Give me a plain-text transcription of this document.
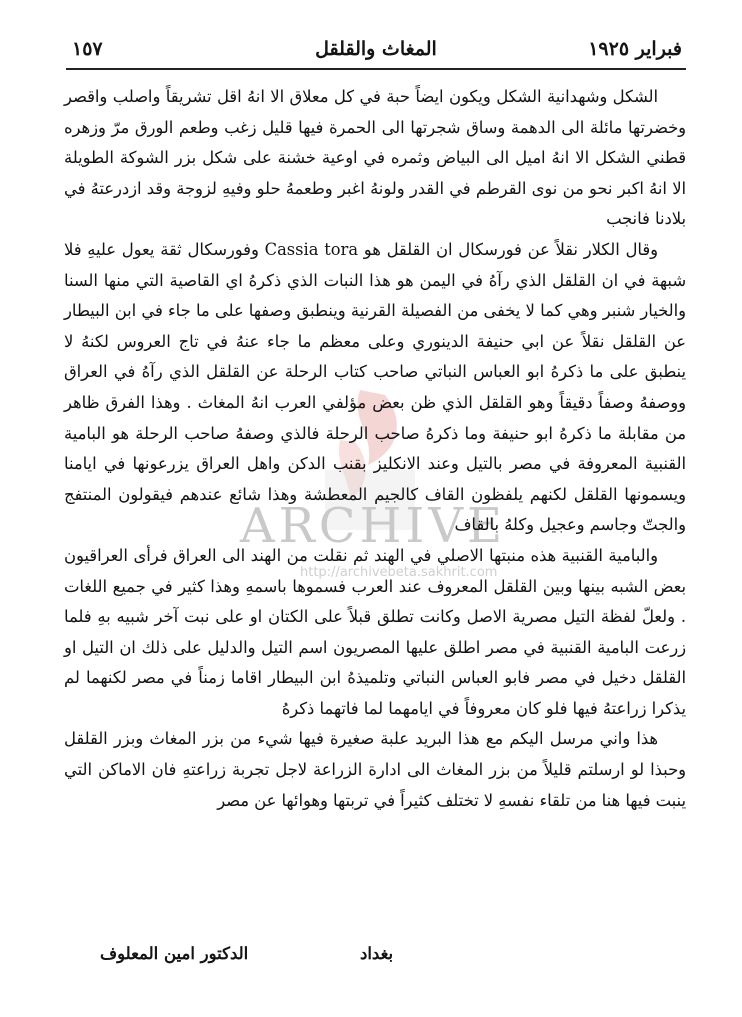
١٥٧	المغاث والقلقل	فبراير ١٩٢٥
ARCHIVE
http://archivebeta.sakhrit.com

الشكل وشهدانية الشكل ويكون ايضاً حبة في كل معلاق الا انهُ اقل تشريقاً واصلب واقصر وخضرتها مائلة الى الدهمة وساق شجرتها الى الحمرة فيها قليل زغب وطعم الورق مرّ وزهره قطني الشكل الا انهُ اميل الى البياض وثمره في اوعية خشنة على شكل بزر الشوكة الطويلة الا انهُ اكبر نحو من نوى القرطم في القدر ولونهُ اغبر وطعمهُ حلو وفيهِ لزوجة وقد ازدرعتهُ في بلادنا فانجب

وقال الكلار نقلاً عن فورسكال ان القلقل هو Cassia tora وفورسكال ثقة يعول عليهِ فلا شبهة في ان القلقل الذي رآهُ في اليمن هو هذا النبات الذي ذكرهُ اي القاصية التي منها السنا والخيار شنبر وهي كما لا يخفى من الفصيلة القرنية وينطبق وصفها على ما جاء في ابن البيطار عن القلقل نقلاً عن ابي حنيفة الدينوري وعلى معظم ما جاء عنهُ في تاج العروس لكنهُ لا ينطبق على ما ذكرهُ ابو العباس النباتي صاحب كتاب الرحلة عن القلقل الذي رآهُ في العراق ووصفهُ وصفاً دقيقاً وهو القلقل الذي ظن بعض مؤلفي العرب انهُ المغاث . وهذا الفرق ظاهر من مقابلة ما ذكرهُ ابو حنيفة وما ذكرهُ صاحب الرحلة فالذي وصفهُ صاحب الرحلة هو البامية القنبية المعروفة في مصر بالتيل وعند الانكليز بقنب الدكن واهل العراق يزرعونها في ايامنا ويسمونها القلقل لكنهم يلفظون القاف كالجيم المعطشة وهذا شائع عندهم فيقولون المنتفج والجتّ وجاسم وعجيل وكلهُ بالقاف

والبامية القنبية هذه منبتها الاصلي في الهند ثم نقلت من الهند الى العراق فرأى العراقيون بعض الشبه بينها وبين القلقل المعروف عند العرب فسموها باسمهِ وهذا كثير في جميع اللغات . ولعلّ لفظة التيل مصرية الاصل وكانت تطلق قبلاً على الكتان او على نبت آخر شبيه بهِ فلما زرعت البامية القنبية في مصر اطلق عليها المصريون اسم التيل والدليل على ذلك ان التيل او القلقل دخيل في مصر فابو العباس النباتي وتلميذهُ ابن البيطار اقاما زمناً في مصر لكنهما لم يذكرا زراعتهُ فيها فلو كان معروفاً في ايامهما لما فاتهما ذكرهُ

هذا واني مرسل اليكم مع هذا البريد علبة صغيرة فيها شيء من بزر المغاث وبزر القلقل وحبذا لو ارسلتم قليلاً من بزر المغاث الى ادارة الزراعة لاجل تجربة زراعتهِ فان الاماكن التي ينبت فيها هنا من تلقاء نفسهِ لا تختلف كثيراً في تربتها وهوائها عن مصر

بغداد
الدكتور امين المعلوف
